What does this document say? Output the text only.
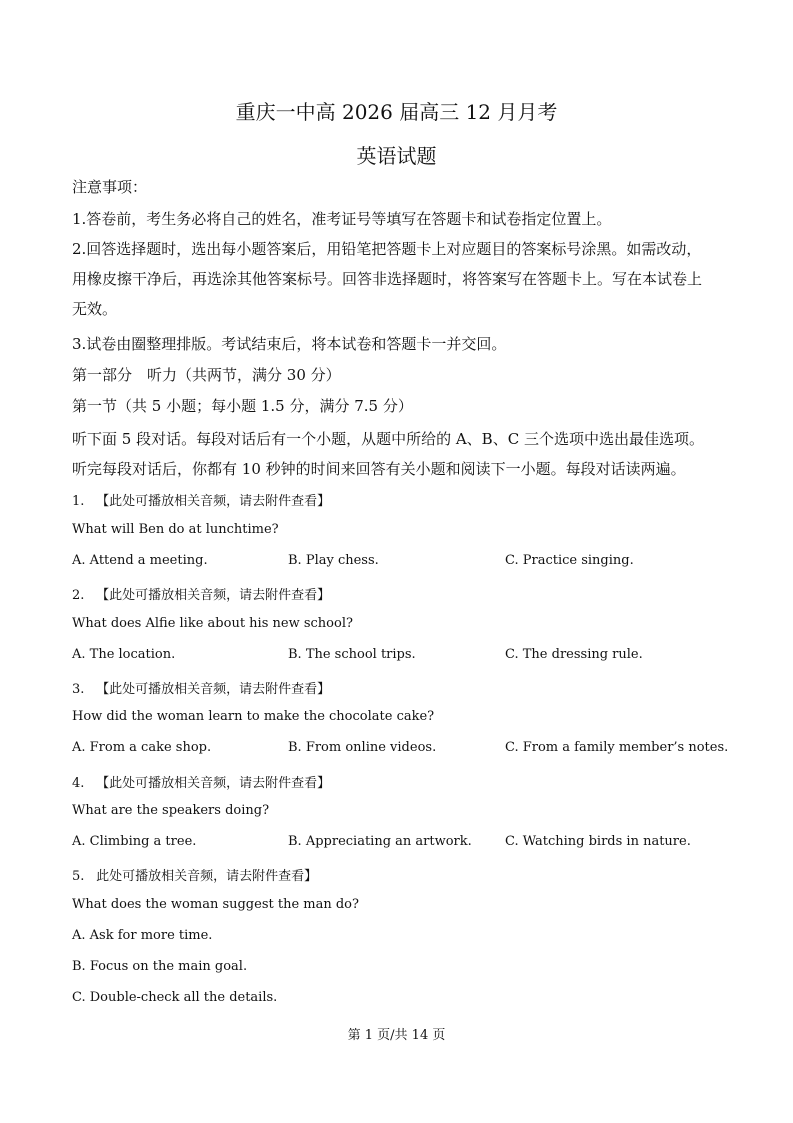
重庆一中高 2026 届高三 12 月月考
英语试题
注意事项：
1.答卷前，考生务必将自己的姓名，准考证号等填写在答题卡和试卷指定位置上。
2.回答选择题时，选出每小题答案后，用铅笔把答题卡上对应题目的答案标号涂黑。如需改动，
用橡皮擦干净后，再选涂其他答案标号。回答非选择题时，将答案写在答题卡上。写在本试卷上
无效。
3.试卷由圈整理排版。考试结束后，将本试卷和答题卡一并交回。
第一部分　听力（共两节，满分 30 分）
第一节（共 5 小题；每小题 1.5 分，满分 7.5 分）
听下面 5 段对话。每段对话后有一个小题，从题中所给的 A、B、C 三个选项中选出最佳选项。
听完每段对话后，你都有 10 秒钟的时间来回答有关小题和阅读下一小题。每段对话读两遍。
1. 【此处可播放相关音频，请去附件查看】
What will Ben do at lunchtime?
A. Attend a meeting.	B. Play chess.	C. Practice singing.
2. 【此处可播放相关音频，请去附件查看】
What does Alfie like about his new school?
A. The location.	B. The school trips.	C. The dressing rule.
3. 【此处可播放相关音频，请去附件查看】
How did the woman learn to make the chocolate cake?
A. From a cake shop.	B. From online videos.	C. From a family member’s notes.
4. 【此处可播放相关音频，请去附件查看】
What are the speakers doing?
A. Climbing a tree.	B. Appreciating an artwork.	C. Watching birds in nature.
5. 此处可播放相关音频，请去附件查看】
What does the woman suggest the man do?
A. Ask for more time.
B. Focus on the main goal.
C. Double-check all the details.
第 1 页/共 14 页
